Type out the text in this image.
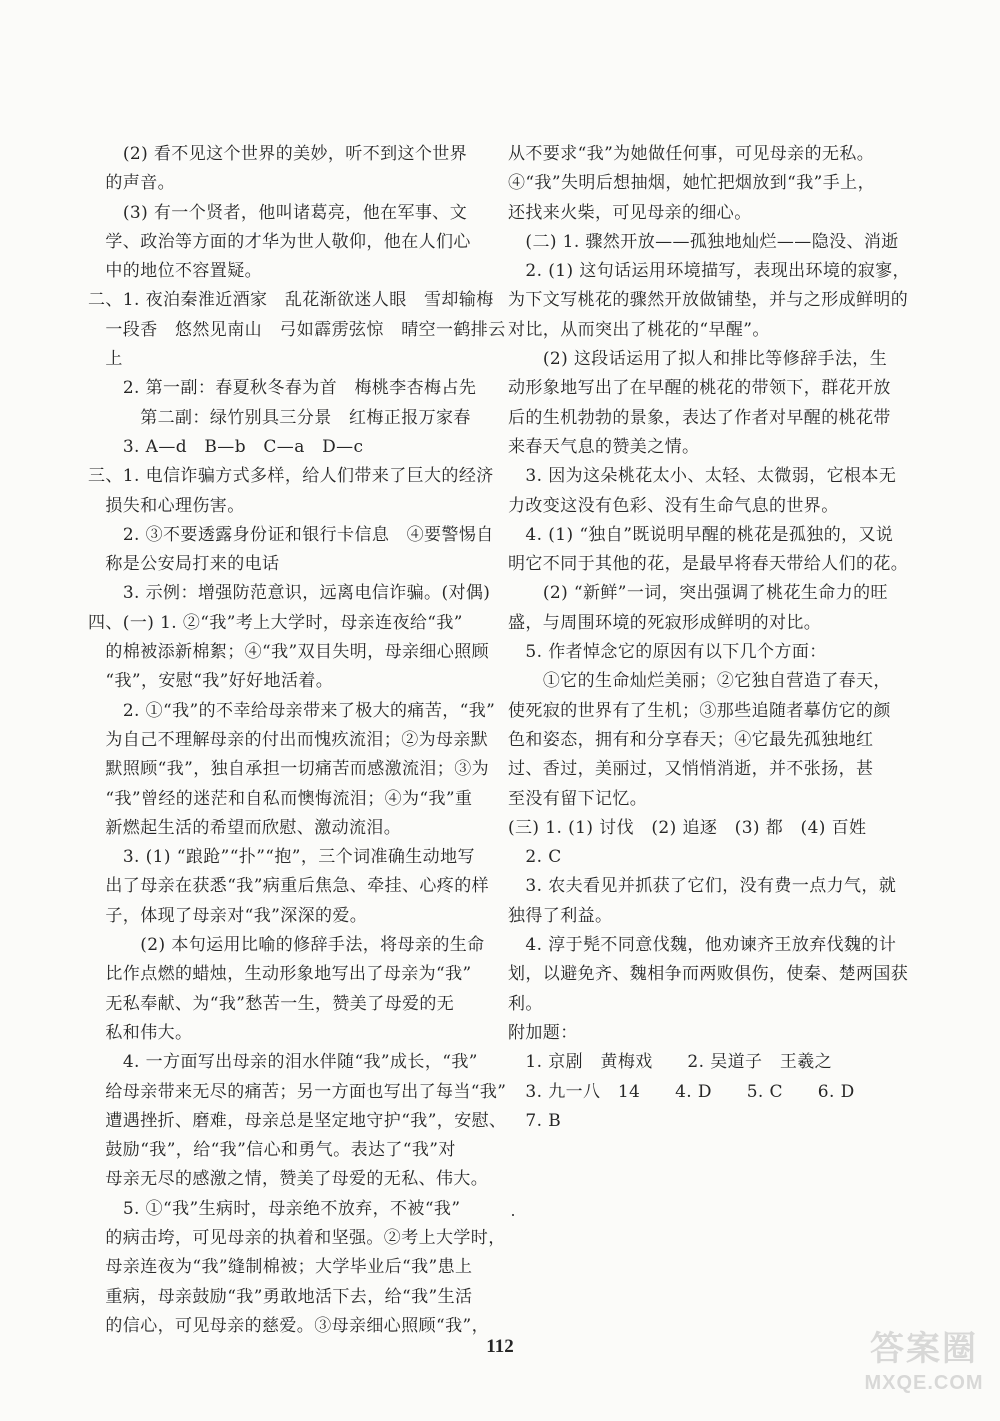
(2) 看不见这个世界的美妙，听不到这个世界
的声音。
(3) 有一个贤者，他叫诸葛亮，他在军事、文
学、政治等方面的才华为世人敬仰，他在人们心
中的地位不容置疑。
二、1. 夜泊秦淮近酒家　乱花渐欲迷人眼　雪却输梅
一段香　悠然见南山　弓如霹雳弦惊　晴空一鹤排云
上
2. 第一副：春夏秋冬春为首　梅桃李杏梅占先
第二副：绿竹别具三分景　红梅正报万家春
3. A—d　B—b　C—a　D—c
三、1. 电信诈骗方式多样，给人们带来了巨大的经济
损失和心理伤害。
2. ③不要透露身份证和银行卡信息　④要警惕自
称是公安局打来的电话
3. 示例：增强防范意识，远离电信诈骗。(对偶)
四、(一) 1. ②“我”考上大学时，母亲连夜给“我”
的棉被添新棉絮；④“我”双目失明，母亲细心照顾
“我”，安慰“我”好好地活着。
2. ①“我”的不幸给母亲带来了极大的痛苦，“我”
为自己不理解母亲的付出而愧疚流泪；②为母亲默
默照顾“我”，独自承担一切痛苦而感激流泪；③为
“我”曾经的迷茫和自私而懊悔流泪；④为“我”重
新燃起生活的希望而欣慰、激动流泪。
3. (1) “踉跄”“扑”“抱”，三个词准确生动地写
出了母亲在获悉“我”病重后焦急、牵挂、心疼的样
子，体现了母亲对“我”深深的爱。
(2) 本句运用比喻的修辞手法，将母亲的生命
比作点燃的蜡烛，生动形象地写出了母亲为“我”
无私奉献、为“我”愁苦一生，赞美了母爱的无
私和伟大。
4. 一方面写出母亲的泪水伴随“我”成长，“我”
给母亲带来无尽的痛苦；另一方面也写出了每当“我”
遭遇挫折、磨难，母亲总是坚定地守护“我”，安慰、
鼓励“我”，给“我”信心和勇气。表达了“我”对
母亲无尽的感激之情，赞美了母爱的无私、伟大。
5. ①“我”生病时，母亲绝不放弃，不被“我”
的病击垮，可见母亲的执着和坚强。②考上大学时，
母亲连夜为“我”缝制棉被；大学毕业后“我”患上
重病，母亲鼓励“我”勇敢地活下去，给“我”生活
的信心，可见母亲的慈爱。③母亲细心照顾“我”，
从不要求“我”为她做任何事，可见母亲的无私。
④“我”失明后想抽烟，她忙把烟放到“我”手上，
还找来火柴，可见母亲的细心。
(二) 1. 骤然开放——孤独地灿烂——隐没、消逝
2. (1) 这句话运用环境描写，表现出环境的寂寥，
为下文写桃花的骤然开放做铺垫，并与之形成鲜明的
对比，从而突出了桃花的“早醒”。
(2) 这段话运用了拟人和排比等修辞手法，生
动形象地写出了在早醒的桃花的带领下，群花开放
后的生机勃勃的景象，表达了作者对早醒的桃花带
来春天气息的赞美之情。
3. 因为这朵桃花太小、太轻、太微弱，它根本无
力改变这没有色彩、没有生命气息的世界。
4. (1) “独自”既说明早醒的桃花是孤独的，又说
明它不同于其他的花，是最早将春天带给人们的花。
(2) “新鲜”一词，突出强调了桃花生命力的旺
盛，与周围环境的死寂形成鲜明的对比。
5. 作者悼念它的原因有以下几个方面：
①它的生命灿烂美丽；②它独自营造了春天，
使死寂的世界有了生机；③那些追随者摹仿它的颜
色和姿态，拥有和分享春天；④它最先孤独地红
过、香过，美丽过，又悄悄消逝，并不张扬，甚
至没有留下记忆。
(三) 1. (1) 讨伐　(2) 追逐　(3) 都　(4) 百姓
2. C
3. 农夫看见并抓获了它们，没有费一点力气，就
独得了利益。
4. 淳于髡不同意伐魏，他劝谏齐王放弃伐魏的计
划，以避免齐、魏相争而两败俱伤，使秦、楚两国获
利。
附加题：
1. 京剧　黄梅戏　　2. 吴道子　王羲之
3. 九一八　14　　4. D　　5. C　　6. D
7. B
112	答案圈
MXQE.COM
